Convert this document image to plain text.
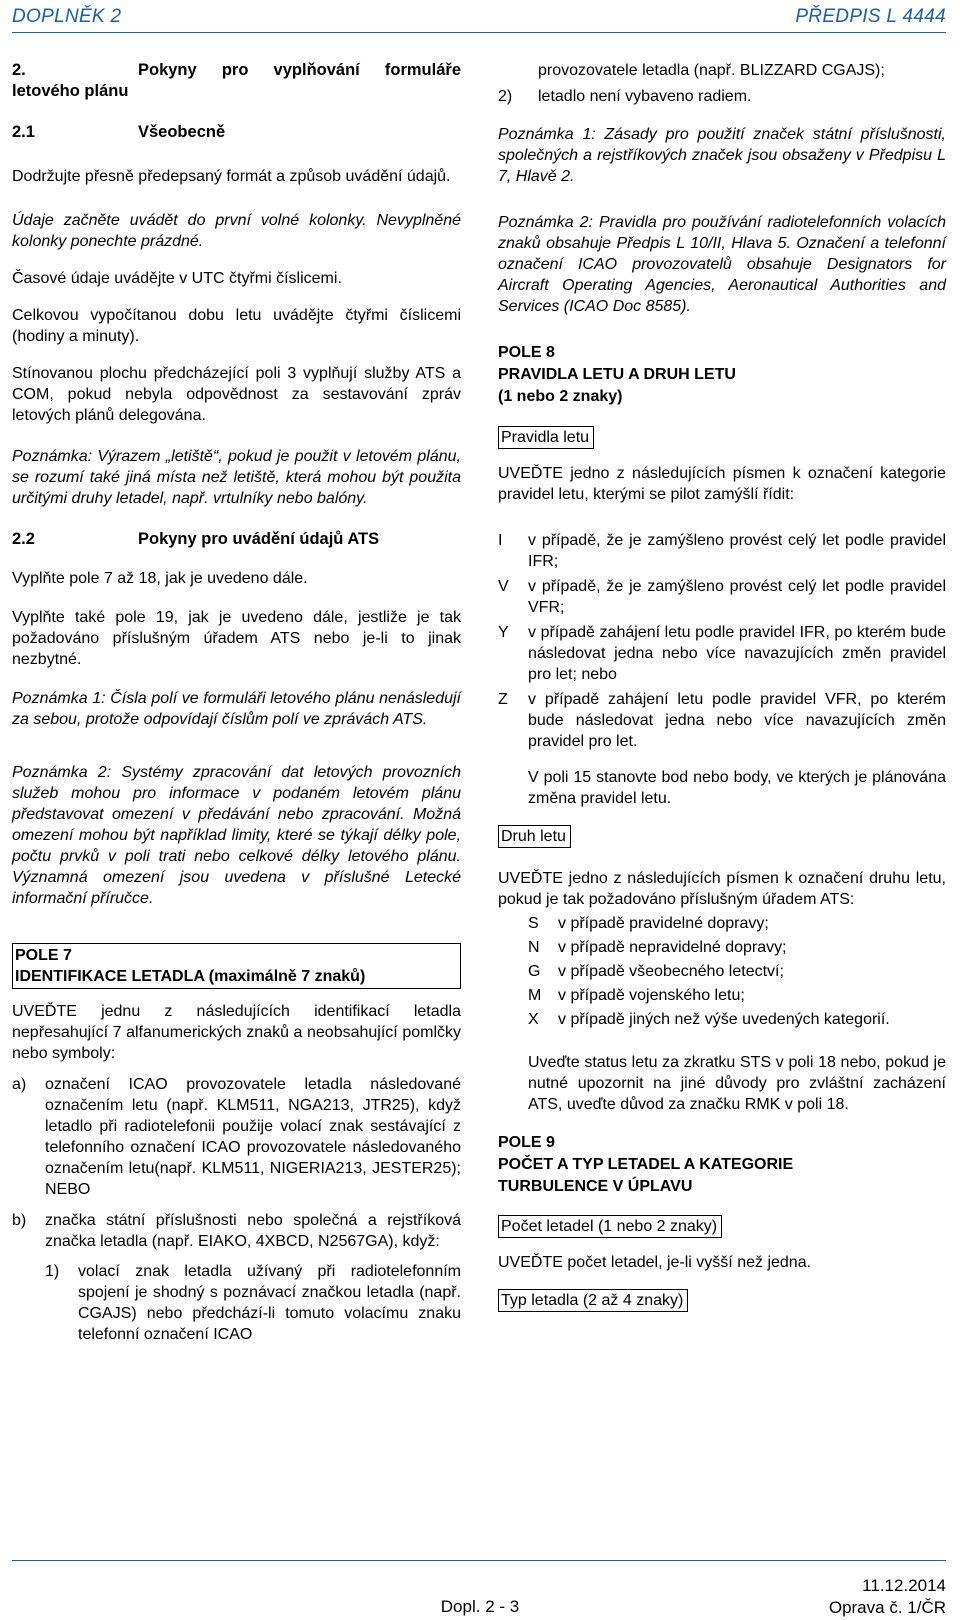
DOPLNĚK 2	PŘEDPIS L 4444
2.	Pokyny pro vyplňování formuláře

letového plánu

2.1	Všeobecně

Dodržujte přesně předepsaný formát a způsob uvádění údajů.

Údaje začněte uvádět do první volné kolonky. Nevyplněné kolonky ponechte prázdné.

Časové údaje uvádějte v UTC čtyřmi číslicemi.

Celkovou vypočítanou dobu letu uvádějte čtyřmi číslicemi (hodiny a minuty).

Stínovanou plochu předcházející poli 3 vyplňují služby ATS a COM, pokud nebyla odpovědnost za sestavování zpráv letových plánů delegována.

Poznámka: Výrazem „letiště“, pokud je použit v letovém plánu, se rozumí také jiná místa než letiště, která mohou být použita určitými druhy letadel, např. vrtulníky nebo balóny.

2.2	Pokyny pro uvádění údajů ATS

Vyplňte pole 7 až 18, jak je uvedeno dále.

Vyplňte také pole 19, jak je uvedeno dále, jestliže je tak požadováno příslušným úřadem ATS nebo je-li to jinak nezbytné.

Poznámka 1: Čísla polí ve formuláři letového plánu nenásledují za sebou, protože odpovídají číslům polí ve zprávách ATS.

Poznámka 2: Systémy zpracování dat letových provozních služeb mohou pro informace v podaném letovém plánu představovat omezení v předávání nebo zpracování. Možná omezení mohou být například limity, které se týkají délky pole, počtu prvků v poli trati nebo celkové délky letového plánu. Významná omezení jsou uvedena v příslušné Letecké informační příručce.

POLE 7
IDENTIFIKACE LETADLA (maximálně 7 znaků)

UVEĎTE jednu z následujících identifikací letadla nepřesahující 7 alfanumerických znaků a neobsahující pomlčky nebo symboly:

a)	označení ICAO provozovatele letadla následované označením letu (např. KLM511, NGA213, JTR25), když letadlo při radiotelefonii použije volací znak sestávající z telefonního označení ICAO provozovatele následovaného označením letu(např. KLM511, NIGERIA213, JESTER25); NEBO
b)	značka státní příslušnosti nebo společná a rejstříková značka letadla (např. EIAKO, 4XBCD, N2567GA), když:
1)	volací znak letadla užívaný při radiotelefonním spojení je shodný s poznávací značkou letadla (např. CGAJS) nebo předchází-li tomuto volacímu znaku telefonní označení ICAO

provozovatele letadla (např. BLIZZARD CGAJS);

2)	letadlo není vybaveno radiem.

Poznámka 1: Zásady pro použití značek státní příslušnosti, společných a rejstříkových značek jsou obsaženy v Předpisu L 7, Hlavě 2.

Poznámka 2: Pravidla pro používání radiotelefonních volacích znaků obsahuje Předpis L 10/II, Hlava 5. Označení a telefonní označení ICAO provozovatelů obsahuje Designators for Aircraft Operating Agencies, Aeronautical Authorities and Services (ICAO Doc 8585).

POLE 8
PRAVIDLA LETU A DRUH LETU
(1 nebo 2 znaky)
Pravidla letu

UVEĎTE jedno z následujících písmen k označení kategorie pravidel letu, kterými se pilot zamýšlí řídit:

I	v případě, že je zamýšleno provést celý let podle pravidel IFR;
V	v případě, že je zamýšleno provést celý let podle pravidel VFR;
Y	v případě zahájení letu podle pravidel IFR, po kterém bude následovat jedna nebo více navazujících změn pravidel pro let; nebo
Z	v případě zahájení letu podle pravidel VFR, po kterém bude následovat jedna nebo více navazujících změn pravidel pro let.

V poli 15 stanovte bod nebo body, ve kterých je plánována změna pravidel letu.

Druh letu

UVEĎTE jedno z následujících písmen k označení druhu letu, pokud je tak požadováno příslušným úřadem ATS:

S	v případě pravidelné dopravy;
N	v případě nepravidelné dopravy;
G	v případě všeobecného letectví;
M	v případě vojenského letu;
X	v případě jiných než výše uvedených kategorií.

Uveďte status letu za zkratku STS v poli 18 nebo, pokud je nutné upozornit na jiné důvody pro zvláštní zacházení ATS, uveďte důvod za značku RMK v poli 18.

POLE 9
POČET A TYP LETADEL A KATEGORIE
TURBULENCE V ÚPLAVU
Počet letadel (1 nebo 2 znaky)

UVEĎTE počet letadel, je-li vyšší než jedna.

Typ letadla (2 až 4 znaky)
Dopl. 2 - 3
11.12.2014
Oprava č. 1/ČR
